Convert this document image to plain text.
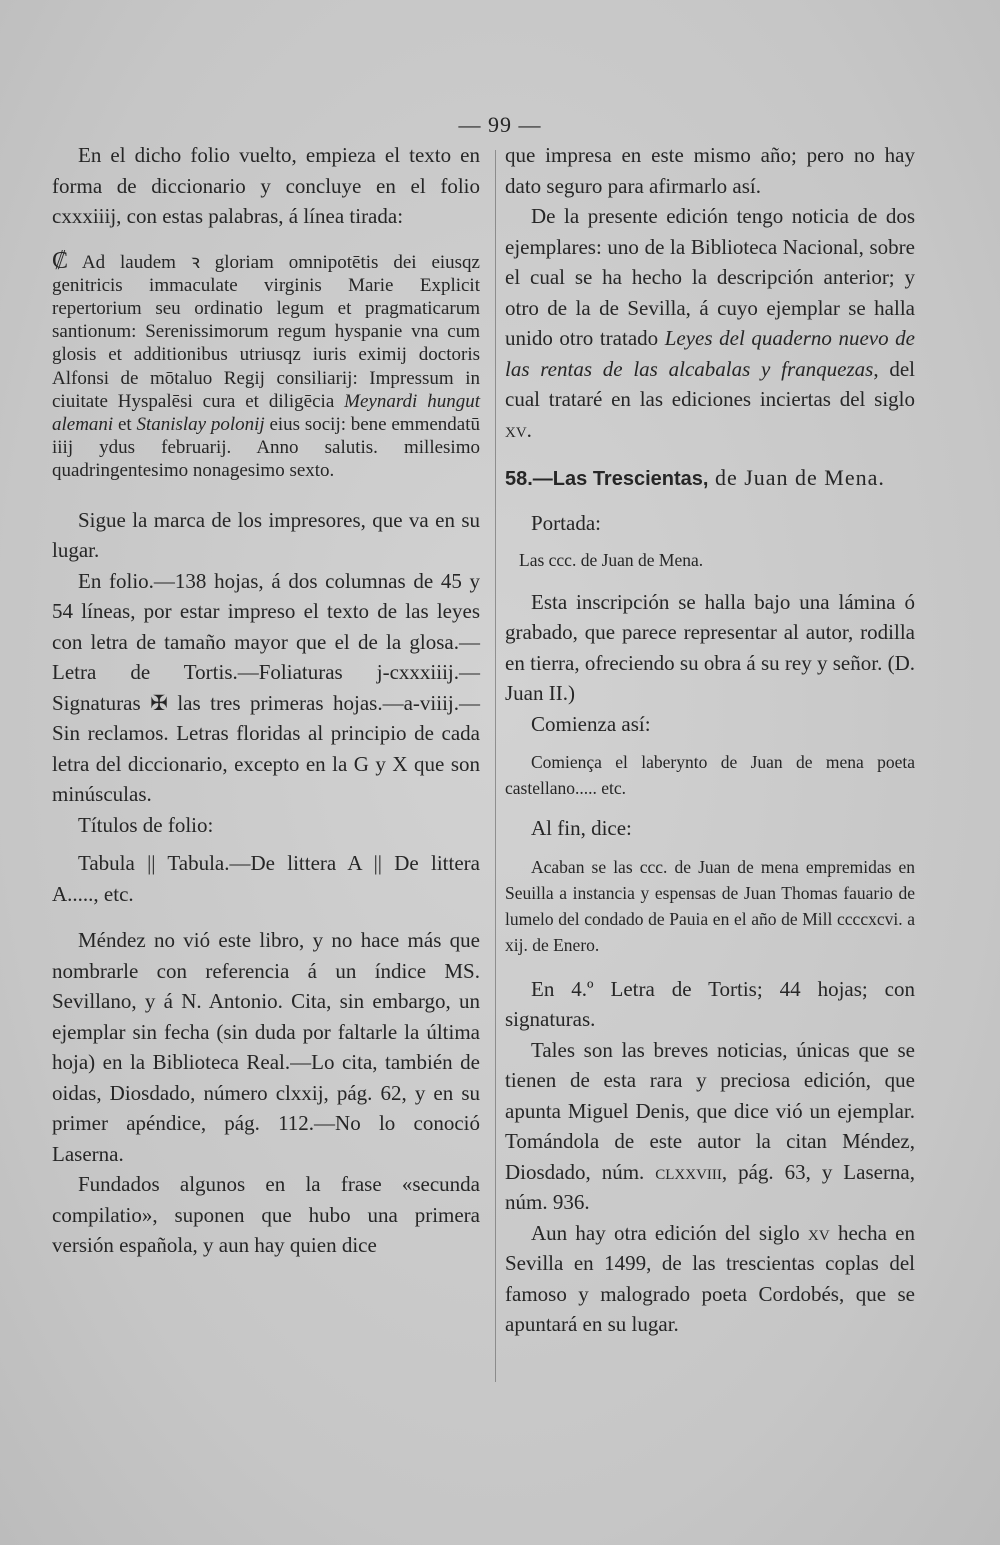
— 99 —

En el dicho folio vuelto, empieza el texto en forma de diccionario y concluye en el folio cxxxiiij, con estas palabras, á línea tirada:

₡ Ad laudem ꝛ gloriam omnipotētis dei eiusqz genitricis immaculate virginis Marie Explicit repertorium seu ordinatio legum et pragmaticarum santionum: Serenissimorum regum hyspanie vna cum glosis et additionibus utriusqz iuris eximij doctoris Alfonsi de mōtaluo Regij consiliarij: Impressum in ciuitate Hyspalēsi cura et diligēcia Meynardi hungut alemani et Stanislay polonij eius socij: bene emmendatū iiij ydus februarij. Anno salutis. millesimo quadringentesimo nonagesimo sexto.

Sigue la marca de los impresores, que va en su lugar.

En folio.—138 hojas, á dos columnas de 45 y 54 líneas, por estar impreso el texto de las leyes con letra de tamaño mayor que el de la glosa.—Letra de Tortis.—Foliaturas j-cxxxiiij.—Signaturas ✠ las tres primeras hojas.—a-viiij.—Sin reclamos. Letras floridas al principio de cada letra del diccionario, excepto en la G y X que son minúsculas.

Títulos de folio:

Tabula || Tabula.—De littera A || De littera A....., etc.

Méndez no vió este libro, y no hace más que nombrarle con referencia á un índice MS. Sevillano, y á N. Antonio. Cita, sin embargo, un ejemplar sin fecha (sin duda por faltarle la última hoja) en la Biblioteca Real.—Lo cita, también de oidas, Diosdado, número clxxij, pág. 62, y en su primer apéndice, pág. 112.—No lo conoció Laserna.

Fundados algunos en la frase «secunda compilatio», suponen que hubo una primera versión española, y aun hay quien dice

que impresa en este mismo año; pero no hay dato seguro para afirmarlo así.

De la presente edición tengo noticia de dos ejemplares: uno de la Biblioteca Nacional, sobre el cual se ha hecho la descripción anterior; y otro de la de Sevilla, á cuyo ejemplar se halla unido otro tratado Leyes del quaderno nuevo de las rentas de las alcabalas y franquezas, del cual trataré en las ediciones inciertas del siglo xv.

58.—Las Trescientas, de Juan de Mena.

Portada:

Las ccc. de Juan de Mena.

Esta inscripción se halla bajo una lámina ó grabado, que parece representar al autor, rodilla en tierra, ofreciendo su obra á su rey y señor. (D. Juan II.)

Comienza así:

Comiença el laberynto de Juan de mena poeta castellano..... etc.

Al fin, dice:

Acaban se las ccc. de Juan de mena empremidas en Seuilla a instancia y espensas de Juan Thomas fauario de lumelo del condado de Pauia en el año de Mill ccccxcvi. a xij. de Enero.

En 4.º Letra de Tortis; 44 hojas; con signaturas.

Tales son las breves noticias, únicas que se tienen de esta rara y preciosa edición, que apunta Miguel Denis, que dice vió un ejemplar. Tomándola de este autor la citan Méndez, Diosdado, núm. clxxviii, pág. 63, y Laserna, núm. 936.

Aun hay otra edición del siglo xv hecha en Sevilla en 1499, de las trescientas coplas del famoso y malogrado poeta Cordobés, que se apuntará en su lugar.
